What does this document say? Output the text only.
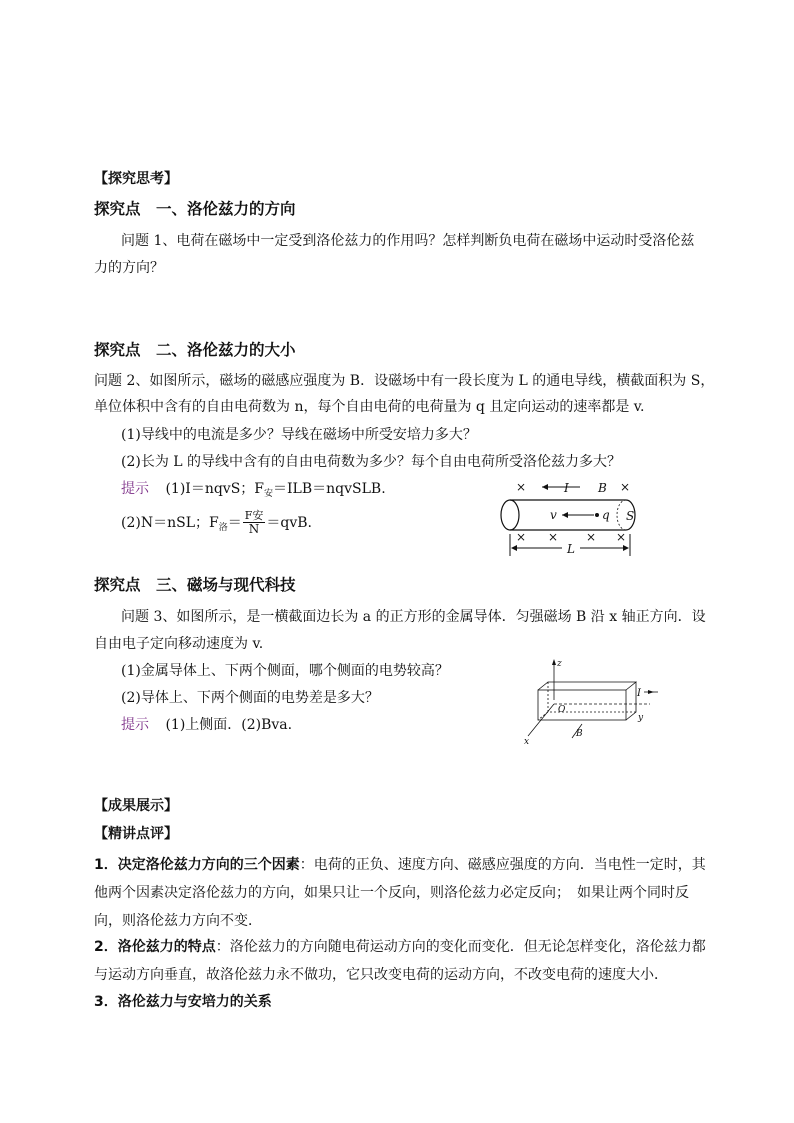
【探究思考】
探究点　一、洛伦兹力的方向
问题 1、电荷在磁场中一定受到洛伦兹力的作用吗？怎样判断负电荷在磁场中运动时受洛伦兹
力的方向？
探究点　二、洛伦兹力的大小
问题 2、如图所示，磁场的磁感应强度为 B．设磁场中有一段长度为 L 的通电导线，横截面积为 S，
单位体积中含有的自由电荷数为 n，每个自由电荷的电荷量为 q 且定向运动的速率都是 v.
(1)导线中的电流是多少？导线在磁场中所受安培力多大？
(2)长为 L 的导线中含有的自由电荷数为多少？每个自由电荷所受洛伦兹力多大？
提示 (1)I＝nqvS；$F_安=ILB=nqvSLB$.
(2)N＝nSL；$F_洛= \frac{\text{F安}}{N} =qvB$.
×	I B ×
v	q S
× × × ×
L
探究点　三、磁场与现代科技
问题 3、如图所示，是一横截面边长为 a 的正方形的金属导体．匀强磁场 B 沿 x 轴正方向．设
自由电子定向移动速度为 v.
(1)金属导体上、下两个侧面，哪个侧面的电势较高？
(2)导体上、下两个侧面的电势差是多大？
提示 (1)上侧面．(2)Bva.
z
I
O
y
x
B
【成果展示】
【精讲点评】
1．决定洛伦兹力方向的三个因素：电荷的正负、速度方向、磁感应强度的方向．当电性一定时，其
他两个因素决定洛伦兹力的方向，如果只让一个反向，则洛伦兹力必定反向；　如果让两个同时反
向，则洛伦兹力方向不变．
2．洛伦兹力的特点：洛伦兹力的方向随电荷运动方向的变化而变化．但无论怎样变化，洛伦兹力都
与运动方向垂直，故洛伦兹力永不做功，它只改变电荷的运动方向，不改变电荷的速度大小．
3．洛伦兹力与安培力的关系
